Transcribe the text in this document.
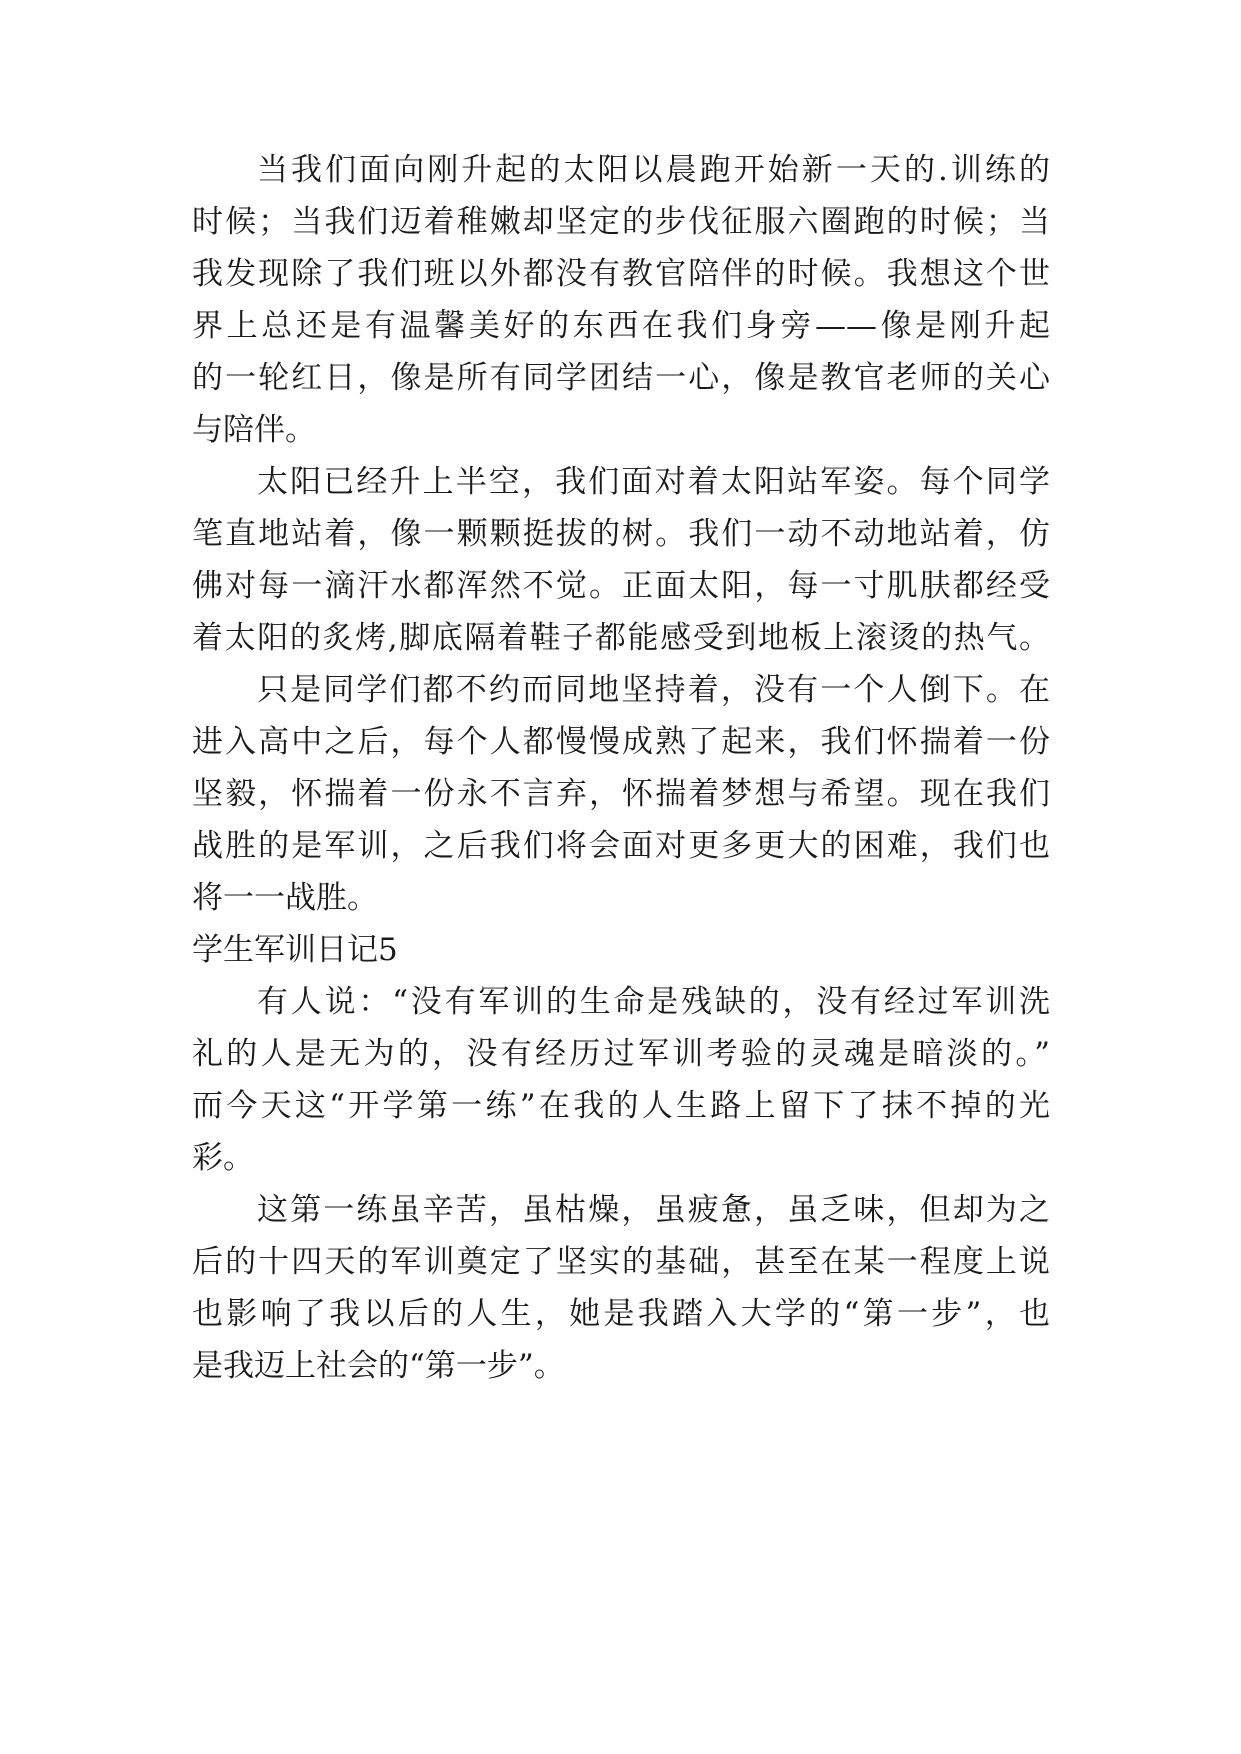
当我们面向刚升起的太阳以晨跑开始新一天的.训练的
时候；当我们迈着稚嫩却坚定的步伐征服六圈跑的时候；当
我发现除了我们班以外都没有教官陪伴的时候。我想这个世
界上总还是有温馨美好的东西在我们身旁——像是刚升起
的一轮红日，像是所有同学团结一心，像是教官老师的关心
与陪伴。
太阳已经升上半空，我们面对着太阳站军姿。每个同学
笔直地站着，像一颗颗挺拔的树。我们一动不动地站着，仿
佛对每一滴汗水都浑然不觉。正面太阳，每一寸肌肤都经受
着太阳的炙烤,脚底隔着鞋子都能感受到地板上滚烫的热气。
只是同学们都不约而同地坚持着，没有一个人倒下。在
进入高中之后，每个人都慢慢成熟了起来，我们怀揣着一份
坚毅，怀揣着一份永不言弃，怀揣着梦想与希望。现在我们
战胜的是军训，之后我们将会面对更多更大的困难，我们也
将一一战胜。
学生军训日记5
有人说：“没有军训的生命是残缺的，没有经过军训洗
礼的人是无为的，没有经历过军训考验的灵魂是暗淡的。”
而今天这“开学第一练”在我的人生路上留下了抹不掉的光
彩。
这第一练虽辛苦，虽枯燥，虽疲惫，虽乏味，但却为之
后的十四天的军训奠定了坚实的基础，甚至在某一程度上说
也影响了我以后的人生，她是我踏入大学的“第一步”，也
是我迈上社会的“第一步”。
